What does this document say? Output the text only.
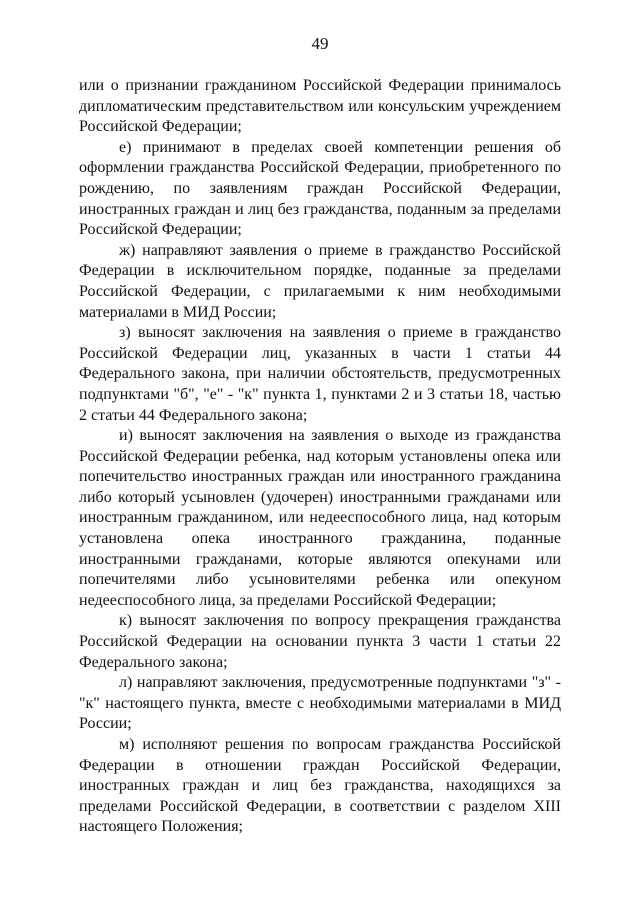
49

или о признании гражданином Российской Федерации принималось дипломатическим представительством или консульским учреждением Российской Федерации;

е) принимают в пределах своей компетенции решения об оформлении гражданства Российской Федерации, приобретенного по рождению, по заявлениям граждан Российской Федерации, иностранных граждан и лиц без гражданства, поданным за пределами Российской Федерации;

ж) направляют заявления о приеме в гражданство Российской Федерации в исключительном порядке, поданные за пределами Российской Федерации, с прилагаемыми к ним необходимыми материалами в МИД России;

з) выносят заключения на заявления о приеме в гражданство Российской Федерации лиц, указанных в части 1 статьи 44 Федерального закона, при наличии обстоятельств, предусмотренных подпунктами "б", "е" - "к" пункта 1, пунктами 2 и 3 статьи 18, частью 2 статьи 44 Федерального закона;

и) выносят заключения на заявления о выходе из гражданства Российской Федерации ребенка, над которым установлены опека или попечительство иностранных граждан или иностранного гражданина либо который усыновлен (удочерен) иностранными гражданами или иностранным гражданином, или недееспособного лица, над которым установлена опека иностранного гражданина, поданные иностранными гражданами, которые являются опекунами или попечителями либо усыновителями ребенка или опекуном недееспособного лица, за пределами Российской Федерации;

к) выносят заключения по вопросу прекращения гражданства Российской Федерации на основании пункта 3 части 1 статьи 22 Федерального закона;

л) направляют заключения, предусмотренные подпунктами "з" - "к" настоящего пункта, вместе с необходимыми материалами в МИД России;

м) исполняют решения по вопросам гражданства Российской Федерации в отношении граждан Российской Федерации, иностранных граждан и лиц без гражданства, находящихся за пределами Российской Федерации, в соответствии с разделом XIII настоящего Положения;
